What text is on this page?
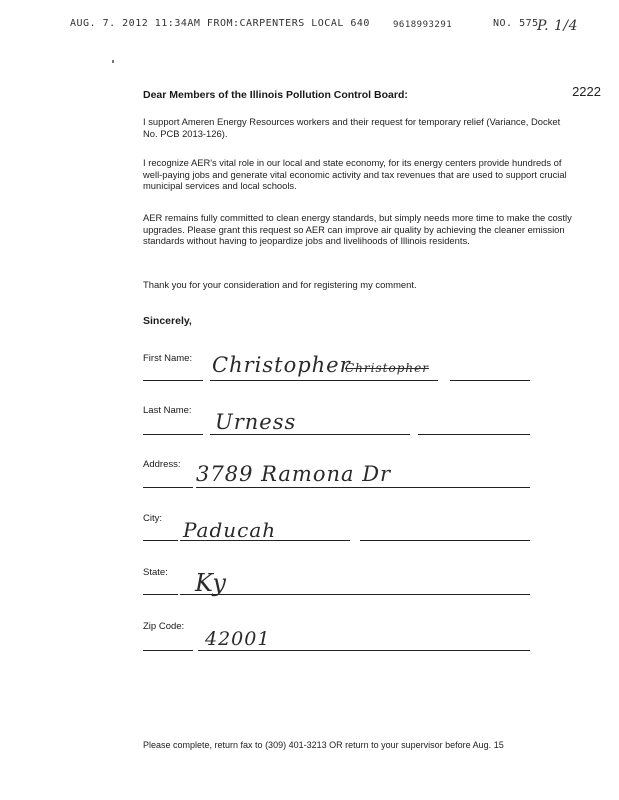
AUG. 7. 2012 11:34AM FROM:CARPENTERS LOCAL 640	9618993291	NO. 575
P. 1/4
2222
Dear Members of the Illinois Pollution Control Board:

I support Ameren Energy Resources workers and their request for temporary relief (Variance, Docket No. PCB 2013-126).

I recognize AER's vital role in our local and state economy, for its energy centers provide hundreds of well-paying jobs and generate vital economic activity and tax revenues that are used to support crucial municipal services and local schools.

AER remains fully committed to clean energy standards, but simply needs more time to make the costly upgrades. Please grant this request so AER can improve air quality by achieving the cleaner emission standards without having to jeopardize jobs and livelihoods of Illinois residents.

Thank you for your consideration and for registering my comment.

Sincerely,
First Name: Christopher
Christopher
Last Name: Urness
Address: 3789 Ramona Dr
City: Paducah
State: Ky
Zip Code:
42001
Please complete, return fax to (309) 401-3213 OR return to your supervisor before Aug. 15
